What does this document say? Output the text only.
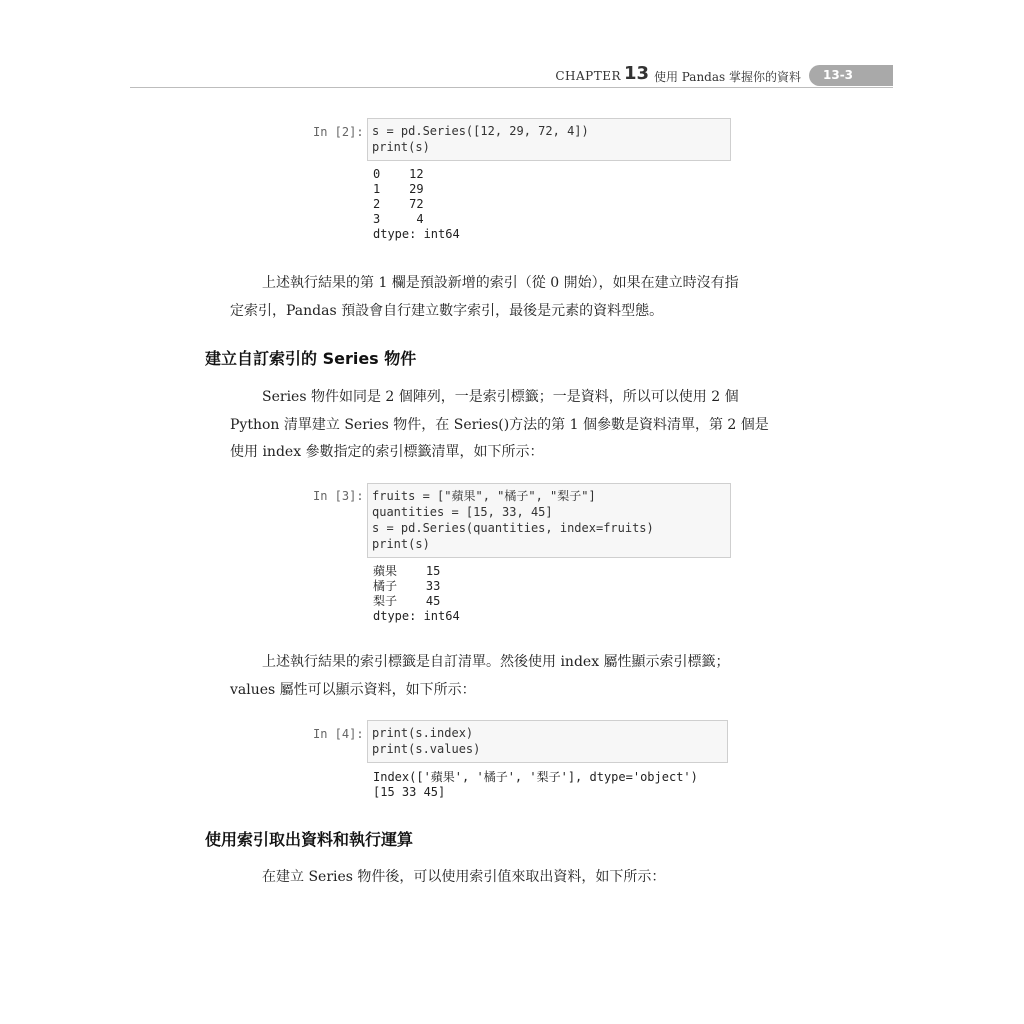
CHAPTER 13 使用 Pandas 掌握你的資料	13-3
In [2]: s = pd.Series([12, 29, 72, 4])
print(s)
0    12
1    29
2    72
3     4
dtype: int64
上述執行結果的第 1 欄是預設新增的索引（從 0 開始），如果在建立時沒有指
定索引，Pandas 預設會自行建立數字索引，最後是元素的資料型態。
建立自訂索引的 Series 物件
Series 物件如同是 2 個陣列，一是索引標籤；一是資料，所以可以使用 2 個
Python 清單建立 Series 物件，在 Series()方法的第 1 個參數是資料清單，第 2 個是
使用 index 參數指定的索引標籤清單，如下所示：
In [3]: fruits = ["蘋果", "橘子", "梨子"]
quantities = [15, 33, 45]
s = pd.Series(quantities, index=fruits)
print(s)
蘋果    15
橘子    33
梨子    45
dtype: int64
上述執行結果的索引標籤是自訂清單。然後使用 index 屬性顯示索引標籤；
values 屬性可以顯示資料，如下所示：
In [4]: print(s.index)
print(s.values)
Index(['蘋果', '橘子', '梨子'], dtype='object')
[15 33 45]
使用索引取出資料和執行運算
在建立 Series 物件後，可以使用索引值來取出資料，如下所示：
